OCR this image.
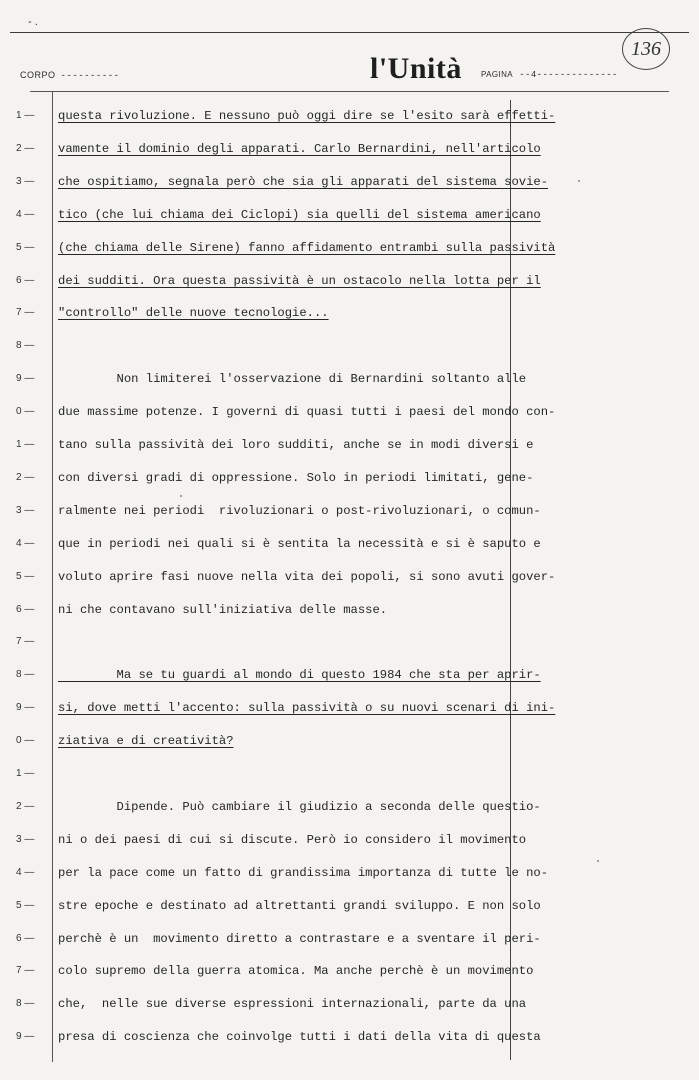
- .
CORPO ----------	l'Unità PAGINA --4--------------
136
1 —	questa rivoluzione. E nessuno può oggi dire se l'esito sarà effetti-
2 —	vamente il dominio degli apparati. Carlo Bernardini, nell'articolo
3 —	che ospitiamo, segnala però che sia gli apparati del sistema sovie-
4 —	tico (che lui chiama dei Ciclopi) sia quelli del sistema americano
5 —	(che chiama delle Sirene) fanno affidamento entrambi sulla passività
6 —	dei sudditi. Ora questa passività è un ostacolo nella lotta per il
7 —	"controllo" delle nuove tecnologie...
8 —
9 —	Non limiterei l'osservazione di Bernardini soltanto alle
0 —	due massime potenze. I governi di quasi tutti i paesi del mondo con-
1 —	tano sulla passività dei loro sudditi, anche se in modi diversi e
2 —	con diversi gradi di oppressione. Solo in periodi limitati, gene-
3 —	ralmente nei periodi  rivoluzionari o post-rivoluzionari, o comun-
4 —	que in periodi nei quali si è sentita la necessità e si è saputo e
5 —	voluto aprire fasi nuove nella vita dei popoli, si sono avuti gover-
6 —	ni che contavano sull'iniziativa delle masse.
7 —
8 —	Ma se tu guardi al mondo di questo 1984 che sta per aprir-
9 —	si, dove metti l'accento: sulla passività o su nuovi scenari di ini-
0 —	ziativa e di creatività?
1 —
2 —	Dipende. Può cambiare il giudizio a seconda delle questio-
3 —	ni o dei paesi di cui si discute. Però io considero il movimento
4 —	per la pace come un fatto di grandissima importanza di tutte le no-
5 —	stre epoche e destinato ad altrettanti grandi sviluppo. E non solo
6 —	perchè è un  movimento diretto a contrastare e a sventare il peri-
7 —	colo supremo della guerra atomica. Ma anche perchè è un movimento
8 —	che,  nelle sue diverse espressioni internazionali, parte da una
9 —	presa di coscienza che coinvolge tutti i dati della vita di questa
